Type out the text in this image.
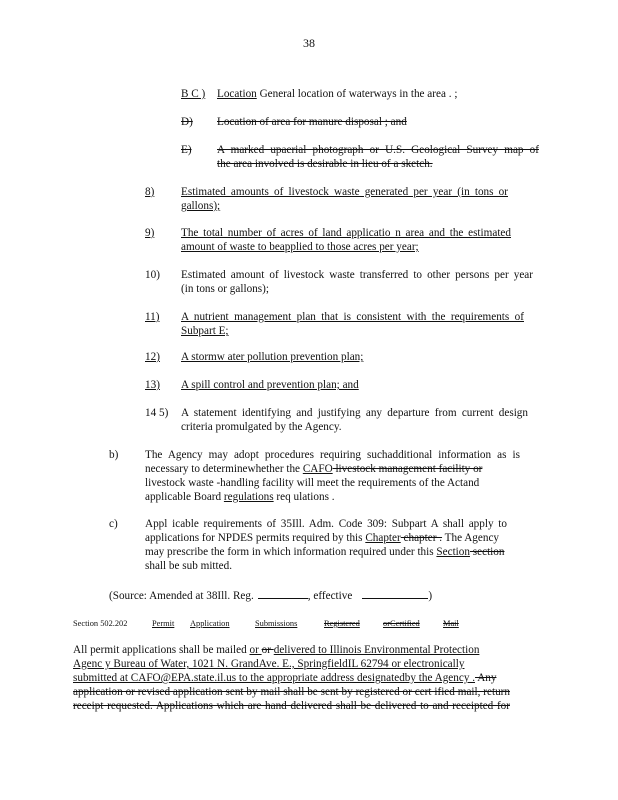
38
B C )	Location General location of waterways in the area . ;
D)	Location of area for manure disposal ; and
E)	A marked upaerial photograph or U.S. Geological Survey map of
the area involved is desirable in lieu of a sketch.
8)	Estimated amounts of livestock waste generated per year (in tons or
gallons);
9)	The total number of acres of land applicatio n area and the estimated
amount of waste to beapplied to those acres per year;
10)	Estimated amount of livestock waste transferred to other persons per year
(in tons or gallons);
11)	A nutrient management plan that is consistent with the requirements of
Subpart E;
12)	A stormw ater pollution prevention plan;
13)	A spill control and prevention plan; and
14 5)	A statement identifying and justifying any departure from current design
criteria promulgated by the Agency.
b)	The Agency may adopt procedures requiring suchadditional information as is
necessary to determinewhether the CAFO livestock management facility or
livestock waste -handling facility will meet the requirements of the Actand
applicable Board regulations req ulations .
c)	Appl icable requirements of 35Ill. Adm. Code 309: Subpart A shall apply to
applications for NPDES permits required by this Chapter chapter . The Agency
may prescribe the form in which information required under this Section section
shall be sub mitted.
(Source: Amended at 38Ill. Reg.	, effective	)
Section 502.202	Permit Application	Submissions	Registered	orCertified	Mail
All permit applications shall be mailed or or delivered to Illinois Environmental Protection
Agenc y Bureau of Water, 1021 N. GrandAve. E., SpringfieldIL 62794 or electronically
submitted at CAFO@EPA.state.il.us to the appropriate address designatedby the Agency . Any
application or revised application sent by mail shall be sent by registered or cert ified mail, return
receipt requested. Applications which are hand delivered shall be delivered to and receipted for
